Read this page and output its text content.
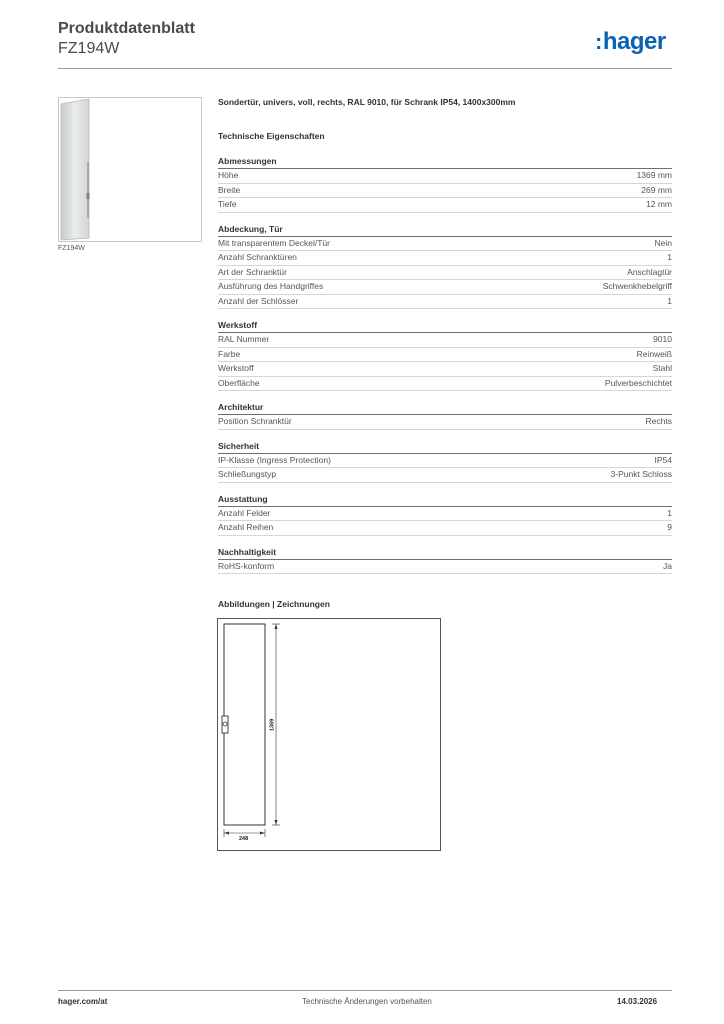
Produktdatenblatt
FZ194W	:hager
FZ194W
Sondertür, univers, voll, rechts, RAL 9010, für Schrank IP54, 1400x300mm
Technische Eigenschaften
Abmessungen
Höhe	1369 mm
Breite	269 mm
Tiefe	12 mm
Abdeckung, Tür
Mit transparentem Deckel/Tür	Nein
Anzahl Schranktüren	1
Art der Schranktür	Anschlagtür
Ausführung des Handgriffes	Schwenkhebelgriff
Anzahl der Schlösser	1
Werkstoff
RAL Nummer	9010
Farbe	Reinweiß
Werkstoff	Stahl
Oberfläche	Pulverbeschichtet
Architektur
Position Schranktür	Rechts
Sicherheit
IP-Klasse (Ingress Protection)	IP54
Schließungstyp	3-Punkt Schloss
Ausstattung
Anzahl Felder	1
Anzahl Reihen	9
Nachhaltigkeit
RoHS-konform	Ja
Abbildungen | Zeichnungen
1369
248
hager.com/at	Technische Änderungen vorbehalten	14.03.2026
